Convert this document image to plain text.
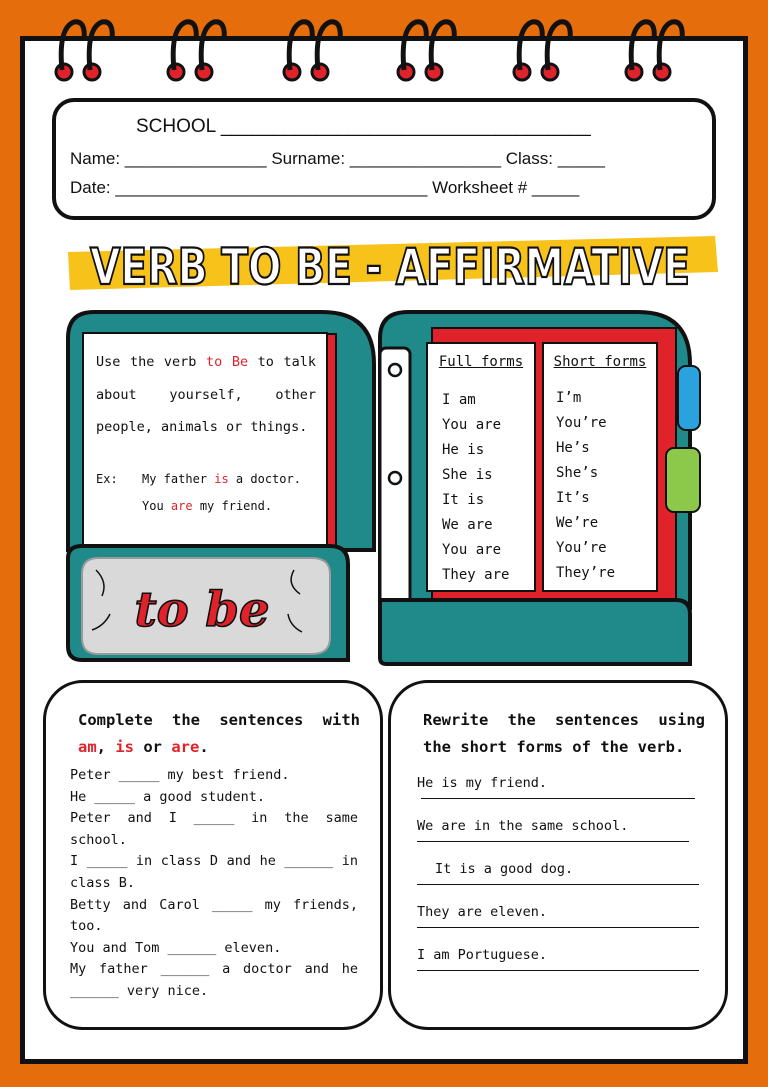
SCHOOL ___________________________________
Name: _______________ Surname: ________________ Class: _____
Date: _________________________________ Worksheet # _____
VERB TO BE - AFFIRMATIVE
to be
Use the verb to Be to talk about yourself, other people, animals or things.
Ex: My father is a doctor.
You are my friend.
Full forms
I am
You are
He is
She is
It is
We are
You are
They are
Short forms
I’m
You’re
He’s
She’s
It’s
We’re
You’re
They’re
Complete the sentences with am, is or are.
Peter _____ my best friend.
He _____ a good student.
Peter and I _____ in the same school.
I _____ in class D and he ______ in class B.
Betty and Carol _____ my friends, too.
You and Tom ______ eleven.
My father ______ a doctor and he ______ very nice.
Rewrite the sentences using the short forms of the verb.
He is my friend.
We are in the same school.
It is a good dog.
They are eleven.
I am Portuguese.
